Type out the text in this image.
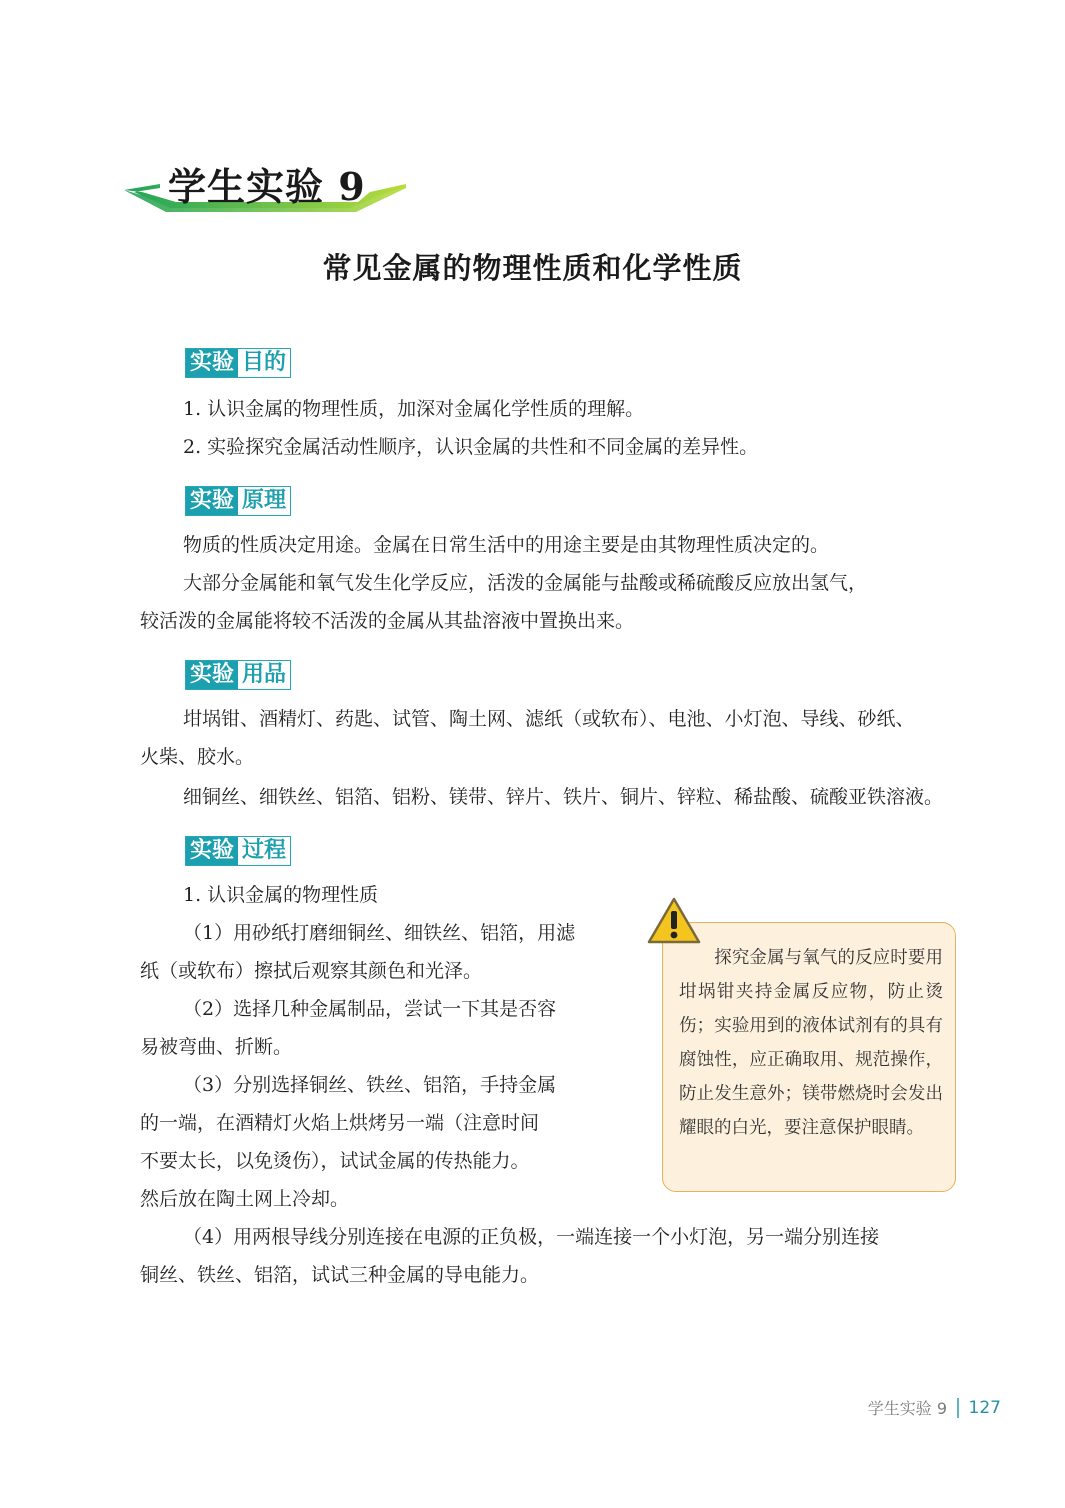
学生实验 9
常见金属的物理性质和化学性质
实验 目的
1. 认识金属的物理性质，加深对金属化学性质的理解。
2. 实验探究金属活动性顺序，认识金属的共性和不同金属的差异性。
实验 原理
物质的性质决定用途。金属在日常生活中的用途主要是由其物理性质决定的。
大部分金属能和氧气发生化学反应，活泼的金属能与盐酸或稀硫酸反应放出氢气，
较活泼的金属能将较不活泼的金属从其盐溶液中置换出来。
实验 用品
坩埚钳、酒精灯、药匙、试管、陶土网、滤纸（或软布）、电池、小灯泡、导线、砂纸、
火柴、胶水。
细铜丝、细铁丝、铝箔、铝粉、镁带、锌片、铁片、铜片、锌粒、稀盐酸、硫酸亚铁溶液。
实验 过程
1. 认识金属的物理性质
（1）用砂纸打磨细铜丝、细铁丝、铝箔，用滤
纸（或软布）擦拭后观察其颜色和光泽。
（2）选择几种金属制品，尝试一下其是否容
易被弯曲、折断。
（3）分别选择铜丝、铁丝、铝箔，手持金属
的一端，在酒精灯火焰上烘烤另一端（注意时间
不要太长，以免烫伤），试试金属的传热能力。
然后放在陶土网上冷却。
（4）用两根导线分别连接在电源的正负极，一端连接一个小灯泡，另一端分别连接
铜丝、铁丝、铝箔，试试三种金属的导电能力。
　　探究金属与氧气的反应时要用坩埚钳夹持金属反应物，防止烫伤；实验用到的液体试剂有的具有腐蚀性，应正确取用、规范操作，防止发生意外；镁带燃烧时会发出耀眼的白光，要注意保护眼睛。
学生实验 9 127
